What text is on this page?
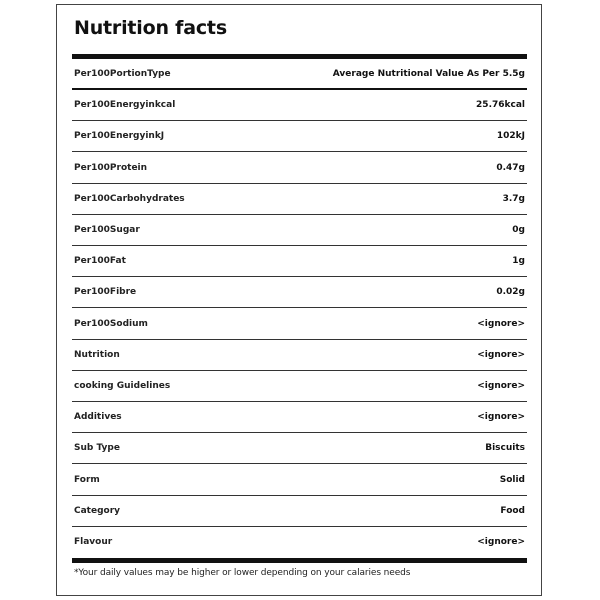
Nutrition facts
Per100PortionType	Average Nutritional Value As Per 5.5g
Per100Energyinkcal	25.76kcal
Per100EnergyinkJ	102kJ
Per100Protein	0.47g
Per100Carbohydrates	3.7g
Per100Sugar	0g
Per100Fat	1g
Per100Fibre	0.02g
Per100Sodium	<ignore>
Nutrition	<ignore>
cooking Guidelines	<ignore>
Additives	<ignore>
Sub Type	Biscuits
Form	Solid
Category	Food
Flavour	<ignore>
*Your daily values may be higher or lower depending on your calaries needs
